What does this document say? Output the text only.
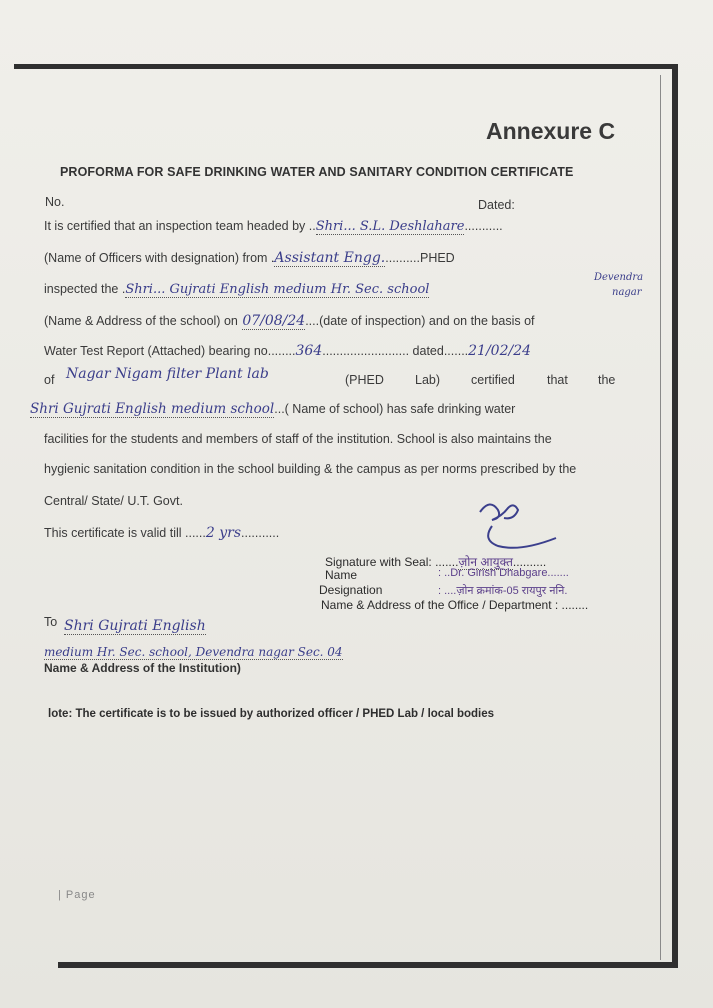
Annexure C
PROFORMA FOR SAFE DRINKING WATER AND SANITARY CONDITION CERTIFICATE
No.	Dated:
It is certified that an inspection team headed by ..Shri... S.L. Deshlahare...........
(Name of Officers with designation) from .Assistant Engg...........PHED
inspected the .Shri... Gujrati English medium Hr. Sec. school
Devendra
nagar
(Name & Address of the school) on 07/08/24....(date of inspection) and on the basis of
Water Test Report (Attached) bearing no........364......................... dated.......21/02/24
of Nagar Nigam filter Plant lab	(PHED Lab) certified	that the
Shri Gujrati English medium school...( Name of school) has safe drinking water
facilities for the students and members of staff of the institution. School is also maintains the
hygienic sanitation condition in the school building & the campus as per norms prescribed by the
Central/ State/ U.T. Govt.
This certificate is valid till ......2 yrs...........
Signature with Seal: .......ज़ोन आयुक्त..........
Name	: ..Dr. Girish Dhabgare.......
Designation	: ....ज़ोन क्रमांक-05 रायपुर ननि.
Name & Address of the Office / Department : ........
To Shri Gujrati English
medium Hr. Sec. school, Devendra nagar Sec. 04
Name & Address of the Institution)
lote: The certificate is to be issued by authorized officer / PHED Lab / local bodies
| Page
